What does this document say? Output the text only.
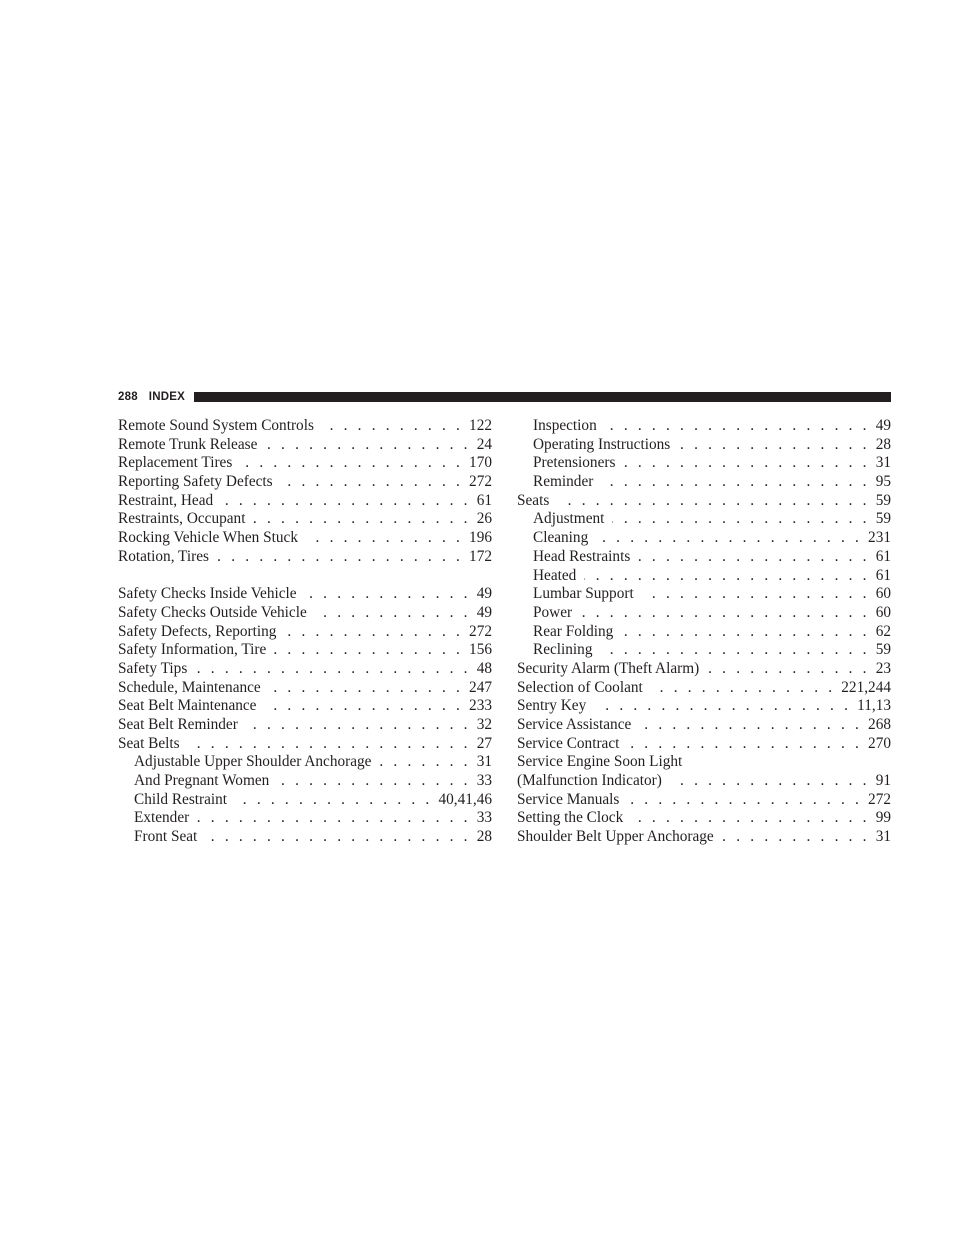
288 INDEX
Remote Sound System Controls . . .	122
Remote Trunk Release . . .	24
Replacement Tires . . .	170
Reporting Safety Defects . . .	272
Restraint, Head . . .	61
Restraints, Occupant . . .	26
Rocking Vehicle When Stuck . . .	196
Rotation, Tires . . .	172
Safety Checks Inside Vehicle . . .	49
Safety Checks Outside Vehicle . . .	49
Safety Defects, Reporting . . .	272
Safety Information, Tire . . .	156
Safety Tips . . .	48
Schedule, Maintenance . . .	247
Seat Belt Maintenance . . .	233
Seat Belt Reminder . . .	32
Seat Belts . . .	27
Adjustable Upper Shoulder Anchorage . . .	31
And Pregnant Women . . .	33
Child Restraint . . .	40,41,46
Extender . . .	33
Front Seat . . .	28
Inspection . . .	49
Operating Instructions . . .	28
Pretensioners . . .	31
Reminder . . .	95
Seats . . .	59
Adjustment . . .	59
Cleaning . . .	231
Head Restraints . . .	61
Heated . . .	61
Lumbar Support . . .	60
Power . . .	60
Rear Folding . . .	62
Reclining . . .	59
Security Alarm (Theft Alarm) . . .	23
Selection of Coolant . . .	221,244
Sentry Key . . .	11,13
Service Assistance . . .	268
Service Contract . . .	270
Service Engine Soon Light
(Malfunction Indicator) . . .	91
Service Manuals . . .	272
Setting the Clock . . .	99
Shoulder Belt Upper Anchorage . . .	31
